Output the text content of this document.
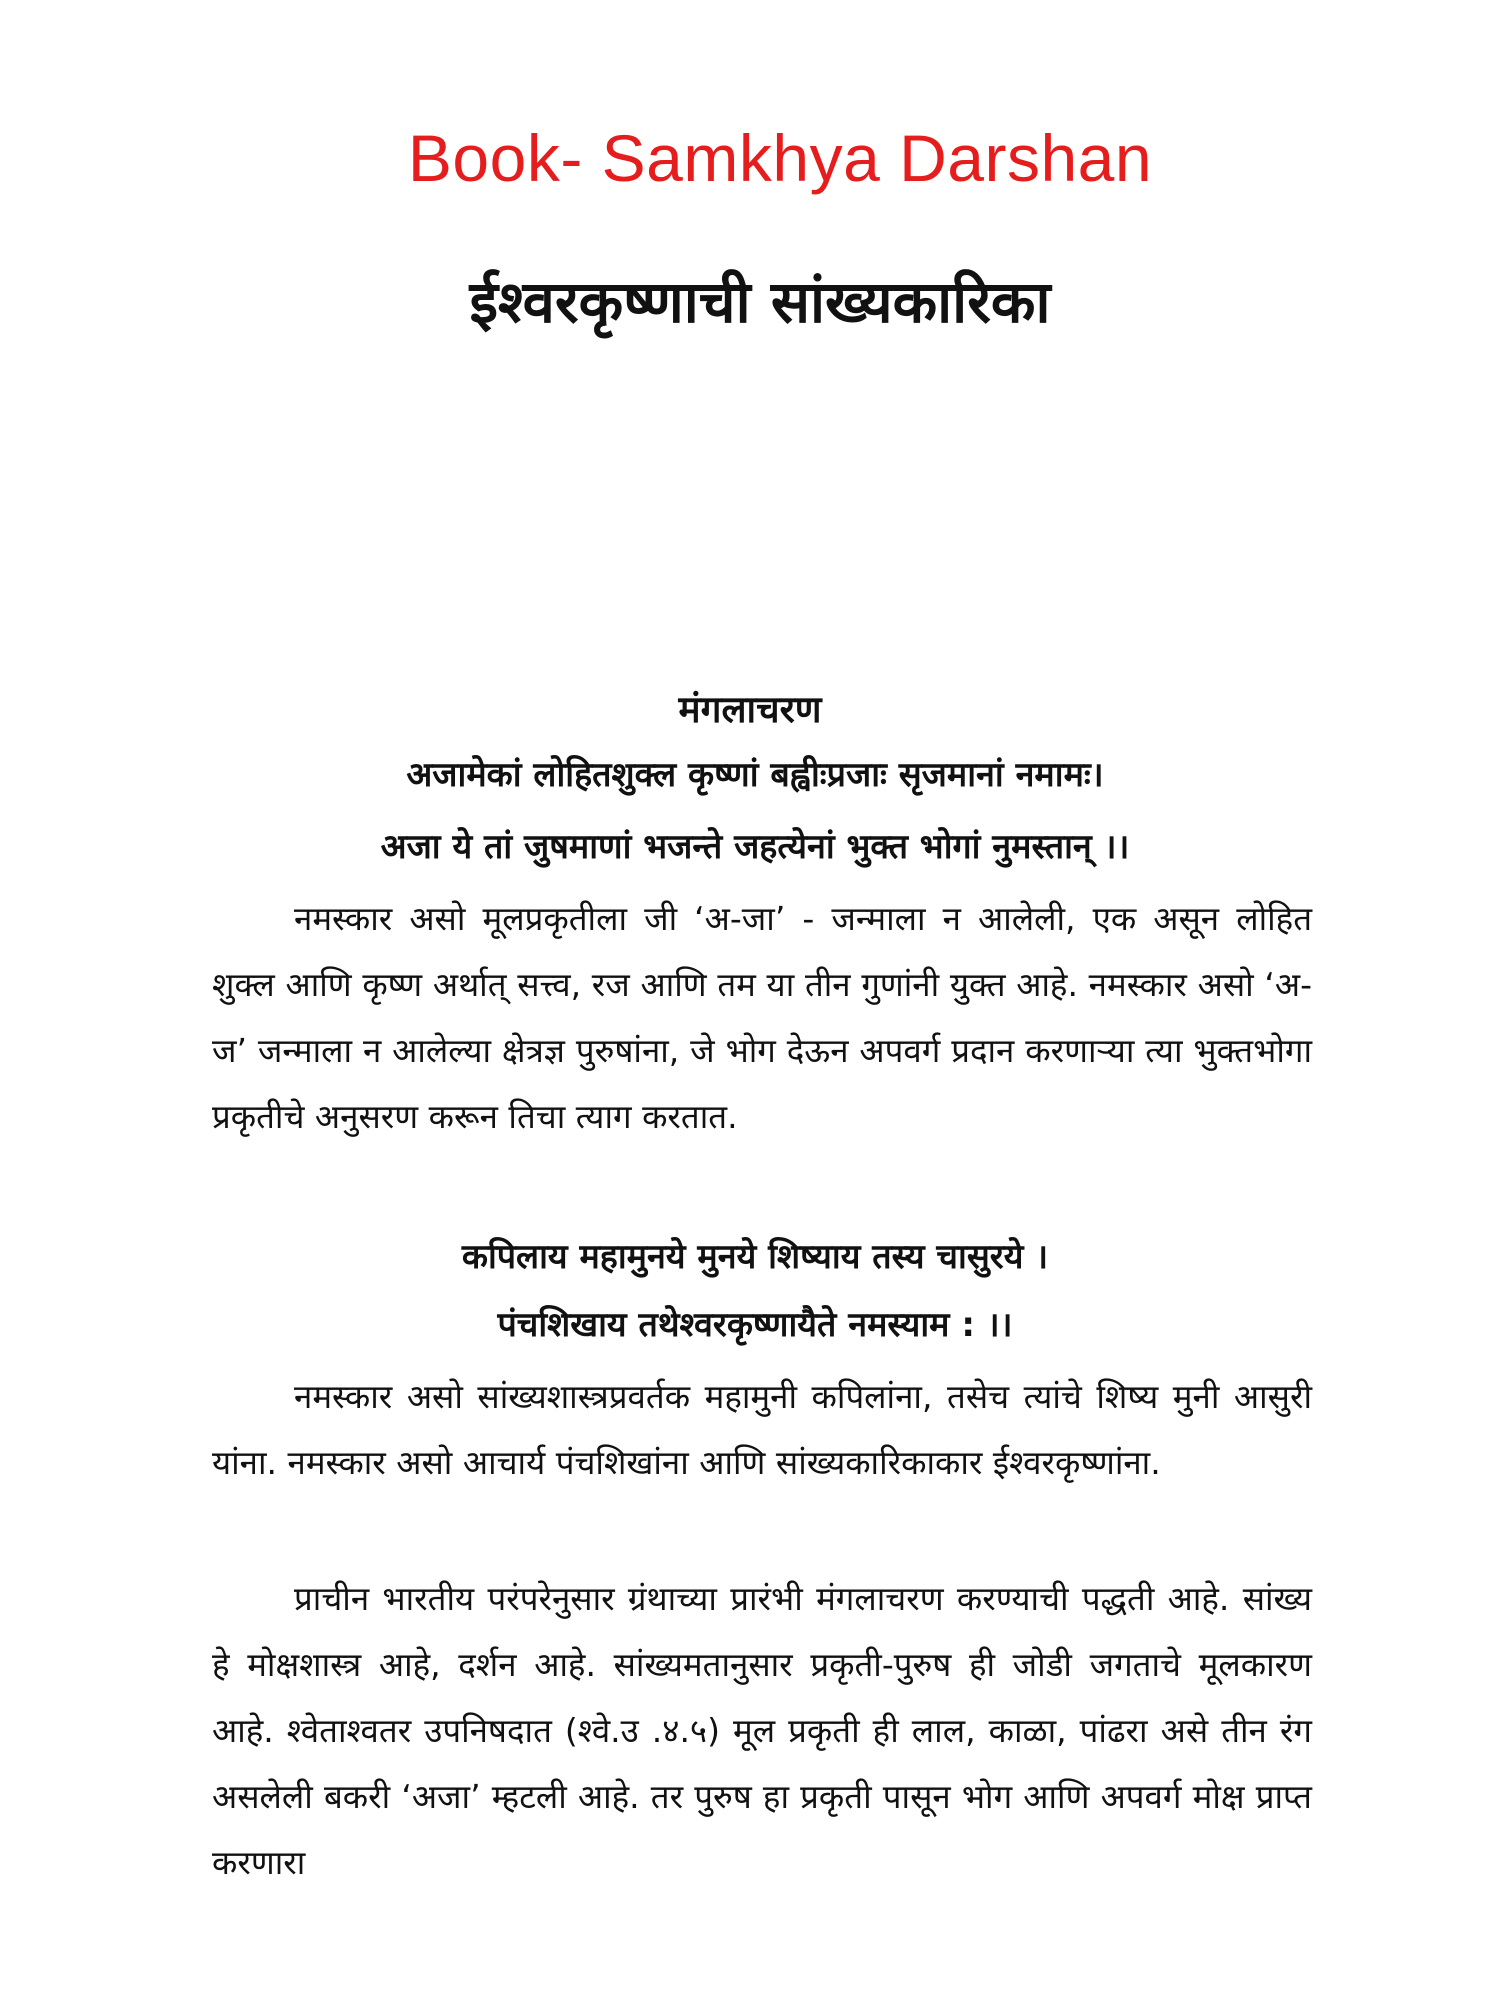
Book- Samkhya Darshan
ईश्वरकृष्णाची सांख्यकारिका
मंगलाचरण
अजामेकां लोहितशुक्ल कृष्णां बह्वीःप्रजाः सृजमानां नमामः।
अजा ये तां जुषमाणां भजन्ते जहत्येनां भुक्त भोगां नुमस्तान् ।।
नमस्कार असो मूलप्रकृतीला जी ‘अ-जा’ - जन्माला न आलेली, एक असून लोहित शुक्ल आणि कृष्ण अर्थात् सत्त्व, रज आणि तम या तीन गुणांनी युक्त आहे. नमस्कार असो ‘अ-ज’ जन्माला न आलेल्या क्षेत्रज्ञ पुरुषांना, जे भोग देऊन अपवर्ग प्रदान करणाऱ्या त्या भुक्तभोगा प्रकृतीचे अनुसरण करून तिचा त्याग करतात.
कपिलाय महामुनये मुनये शिष्याय तस्य चासुरये ।
पंचशिखाय तथेश्वरकृष्णायैते नमस्याम : ।।
नमस्कार असो सांख्यशास्त्रप्रवर्तक महामुनी कपिलांना, तसेच त्यांचे शिष्य मुनी आसुरी यांना. नमस्कार असो आचार्य पंचशिखांना आणि सांख्यकारिकाकार ईश्वरकृष्णांना.
प्राचीन भारतीय परंपरेनुसार ग्रंथाच्या प्रारंभी मंगलाचरण करण्याची पद्धती आहे. सांख्य हे मोक्षशास्त्र आहे, दर्शन आहे. सांख्यमतानुसार प्रकृती-पुरुष ही जोडी जगताचे मूलकारण आहे. श्वेताश्वतर उपनिषदात (श्वे.उ .४.५) मूल प्रकृती ही लाल, काळा, पांढरा असे तीन रंग असलेली बकरी ‘अजा’ म्हटली आहे. तर पुरुष हा प्रकृती पासून भोग आणि अपवर्ग मोक्ष प्राप्त करणारा
